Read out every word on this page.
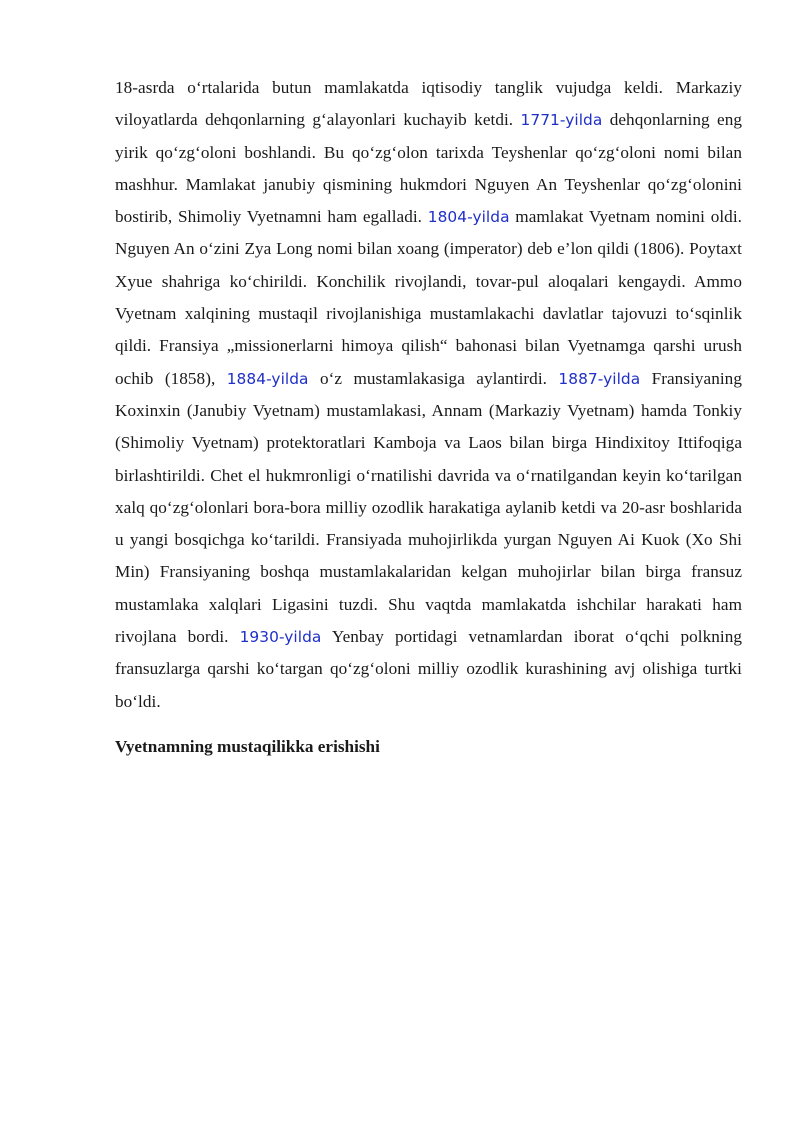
18-asrda o‘rtalarida butun mamlakatda iqtisodiy tanglik vujudga keldi. Markaziy viloyatlarda dehqonlarning g‘alayonlari kuchayib ketdi. 1771-yilda dehqonlarning eng yirik qo‘zg‘oloni boshlandi. Bu qo‘zg‘olon tarixda Teyshenlar qo‘zg‘oloni nomi bilan mashhur. Mamlakat janubiy qismining hukmdori Nguyen An Teyshenlar qo‘zg‘olonini bostirib, Shimoliy Vyetnamni ham egalladi. 1804-yilda mamlakat Vyetnam nomini oldi. Nguyen An o‘zini Zya Long nomi bilan xoang (imperator) deb e’lon qildi (1806). Poytaxt Xyue shahriga ko‘chirildi. Konchilik rivojlandi, tovar-pul aloqalari kengaydi. Ammo Vyetnam xalqining mustaqil rivojlanishiga mustamlakachi davlatlar tajovuzi to‘sqinlik qildi. Fransiya „missionerlarni himoya qilish“ bahonasi bilan Vyetnamga qarshi urush ochib (1858), 1884-yilda o‘z mustamlakasiga aylantirdi. 1887-yilda Fransiyaning Koxinxin (Janubiy Vyetnam) mustamlakasi, Annam (Markaziy Vyetnam) hamda Tonkiy (Shimoliy Vyetnam) protektoratlari Kamboja va Laos bilan birga Hindixitoy Ittifoqiga birlashtirildi. Chet el hukmronligi o‘rnatilishi davrida va o‘rnatilgandan keyin ko‘tarilgan xalq qo‘zg‘olonlari bora-bora milliy ozodlik harakatiga aylanib ketdi va 20-asr boshlarida u yangi bosqichga ko‘tarildi. Fransiyada muhojirlikda yurgan Nguyen Ai Kuok (Xo Shi Min) Fransiyaning boshqa mustamlakalaridan kelgan muhojirlar bilan birga fransuz mustamlaka xalqlari Ligasini tuzdi. Shu vaqtda mamlakatda ishchilar harakati ham rivojlana bordi. 1930-yilda Yenbay portidagi vetnamlardan iborat o‘qchi polkning fransuzlarga qarshi ko‘targan qo‘zg‘oloni milliy ozodlik kurashining avj olishiga turtki bo‘ldi.

Vyetnamning mustaqilikka erishishi
